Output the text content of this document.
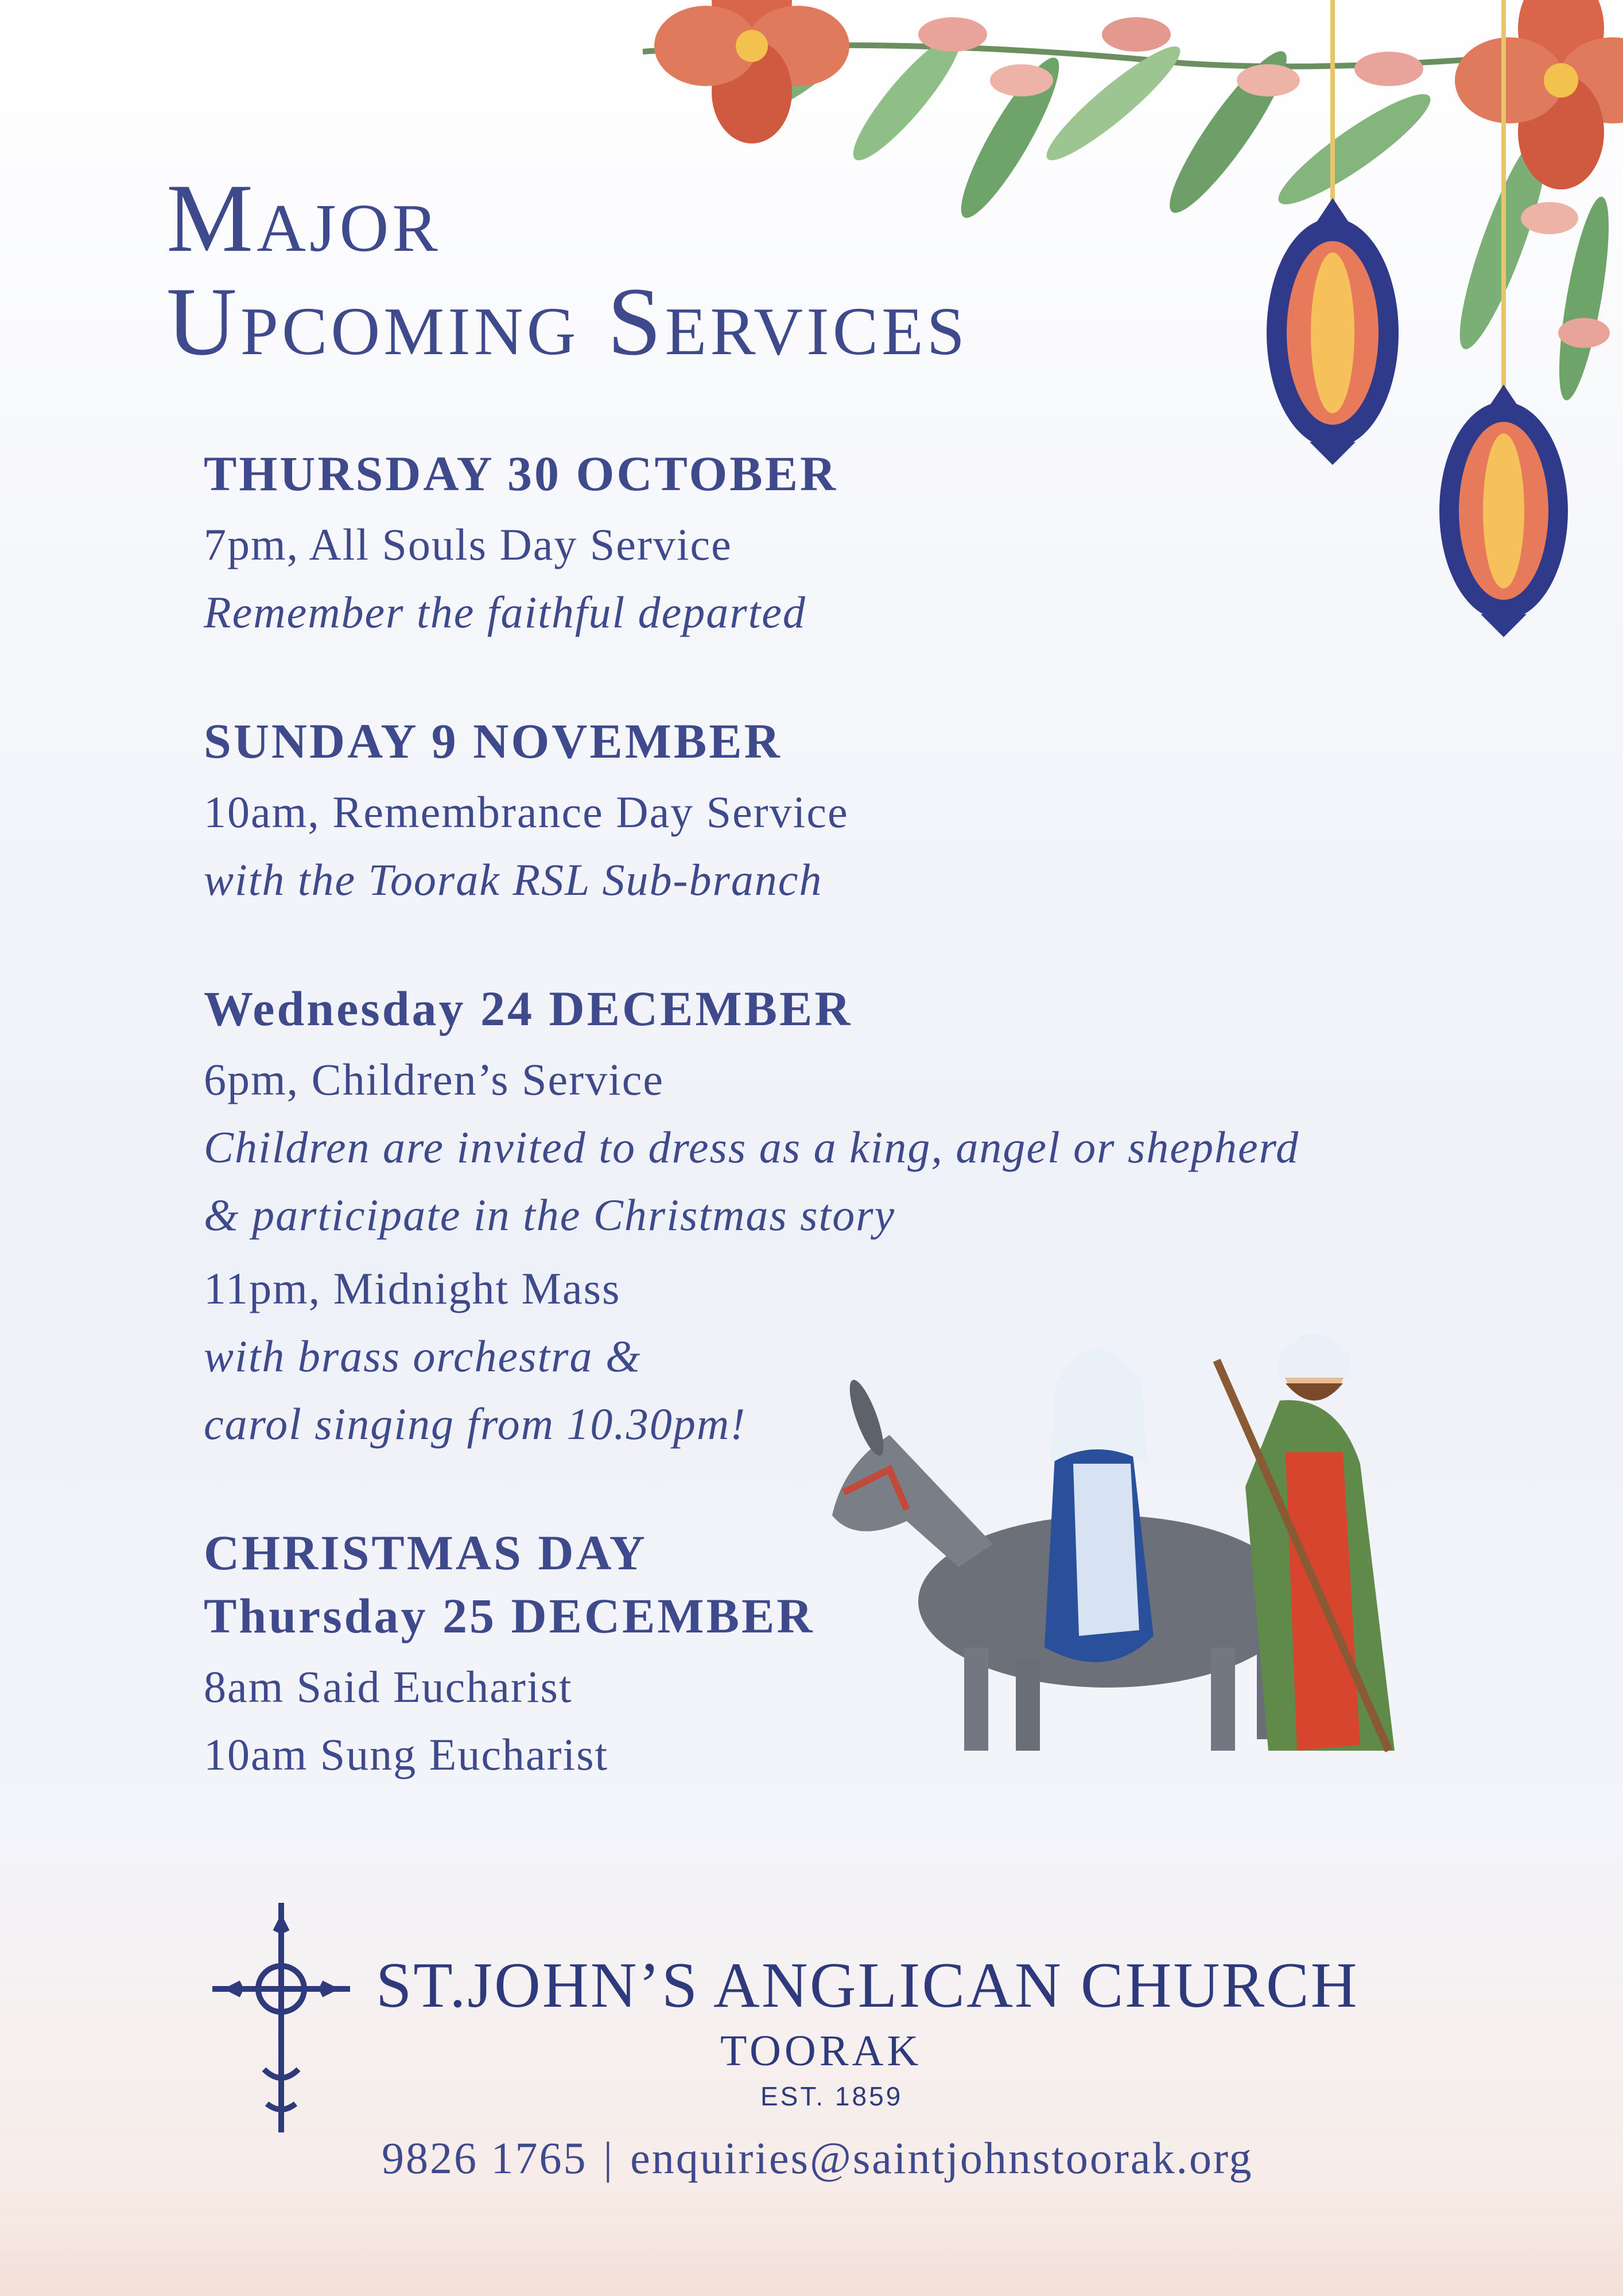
Major
Upcoming Services
THURSDAY 30 OCTOBER
7pm, All Souls Day Service
Remember the faithful departed
SUNDAY 9 NOVEMBER
10am, Remembrance Day Service
with the Toorak RSL Sub-branch
Wednesday 24 DECEMBER
6pm, Children’s Service
Children are invited to dress as a king, angel or shepherd
& participate in the Christmas story
11pm, Midnight Mass
with brass orchestra &
carol singing from 10.30pm!
CHRISTMAS DAY
Thursday 25 DECEMBER
8am Said Eucharist
10am Sung Eucharist
ST.JOHN’S ANGLICAN CHURCH
TOORAK
EST. 1859
9826 1765 | enquiries@saintjohnstoorak.org
